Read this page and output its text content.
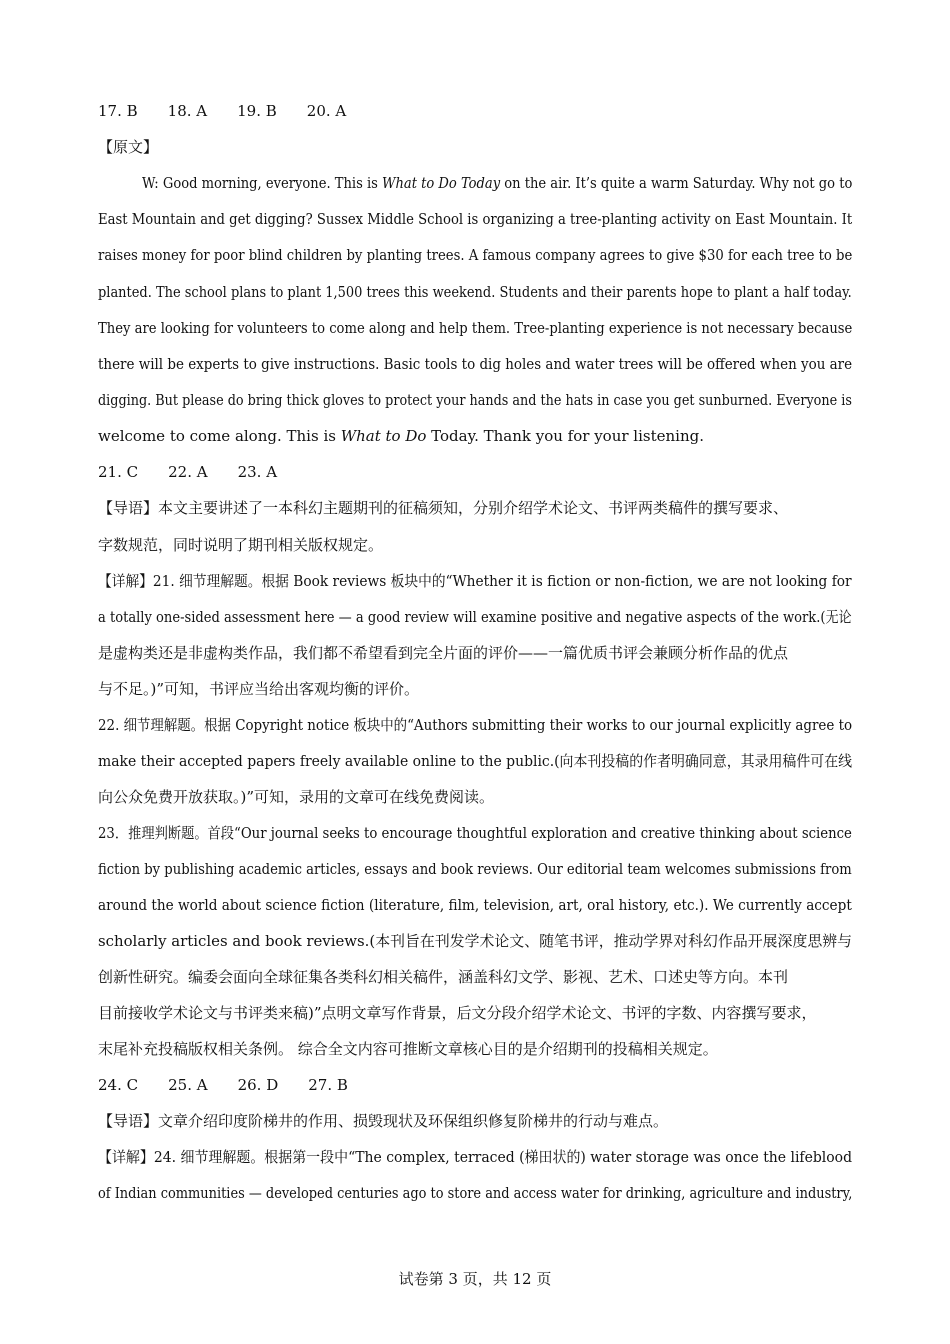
17. B 18. A 19. B 20. A
【原文】
W: Good morning, everyone. This is What to Do Today on the air. It’s quite a warm Saturday. Why not go to
East Mountain and get digging? Sussex Middle School is organizing a tree-planting activity on East Mountain. It
raises money for poor blind children by planting trees. A famous company agrees to give $30 for each tree to be
planted. The school plans to plant 1,500 trees this weekend. Students and their parents hope to plant a half today.
They are looking for volunteers to come along and help them. Tree-planting experience is not necessary because
there will be experts to give instructions. Basic tools to dig holes and water trees will be offered when you are
digging. But please do bring thick gloves to protect your hands and the hats in case you get sunburned. Everyone is
welcome to come along. This is What to Do Today. Thank you for your listening.
21. C 22. A 23. A
【导语】本文主要讲述了一本科幻主题期刊的征稿须知，分别介绍学术论文、书评两类稿件的撰写要求、
字数规范，同时说明了期刊相关版权规定。
【详解】21. 细节理解题。根据 Book reviews 板块中的“Whether it is fiction or non-fiction, we are not looking for
a totally one-sided assessment here — a good review will examine positive and negative aspects of the work.(无论
是虚构类还是非虚构类作品，我们都不希望看到完全片面的评价——一篇优质书评会兼顾分析作品的优点
与不足。)”可知，书评应当给出客观均衡的评价。
22. 细节理解题。根据 Copyright notice 板块中的“Authors submitting their works to our journal explicitly agree to
make their accepted papers freely available online to the public.(向本刊投稿的作者明确同意，其录用稿件可在线
向公众免费开放获取。)”可知，录用的文章可在线免费阅读。
23．推理判断题。首段“Our journal seeks to encourage thoughtful exploration and creative thinking about science
fiction by publishing academic articles, essays and book reviews. Our editorial team welcomes submissions from
around the world about science fiction (literature, film, television, art, oral history, etc.). We currently accept
scholarly articles and book reviews.(本刊旨在刊发学术论文、随笔书评，推动学界对科幻作品开展深度思辨与
创新性研究。编委会面向全球征集各类科幻相关稿件，涵盖科幻文学、影视、艺术、口述史等方向。本刊
目前接收学术论文与书评类来稿)”点明文章写作背景，后文分段介绍学术论文、书评的字数、内容撰写要求，
末尾补充投稿版权相关条例。 综合全文内容可推断文章核心目的是介绍期刊的投稿相关规定。
24. C 25. A 26. D 27. B
【导语】文章介绍印度阶梯井的作用、损毁现状及环保组织修复阶梯井的行动与难点。
【详解】24. 细节理解题。根据第一段中“The complex, terraced (梯田状的) water storage was once the lifeblood
of Indian communities — developed centuries ago to store and access water for drinking, agriculture and industry,
试卷第 3 页，共 12 页
